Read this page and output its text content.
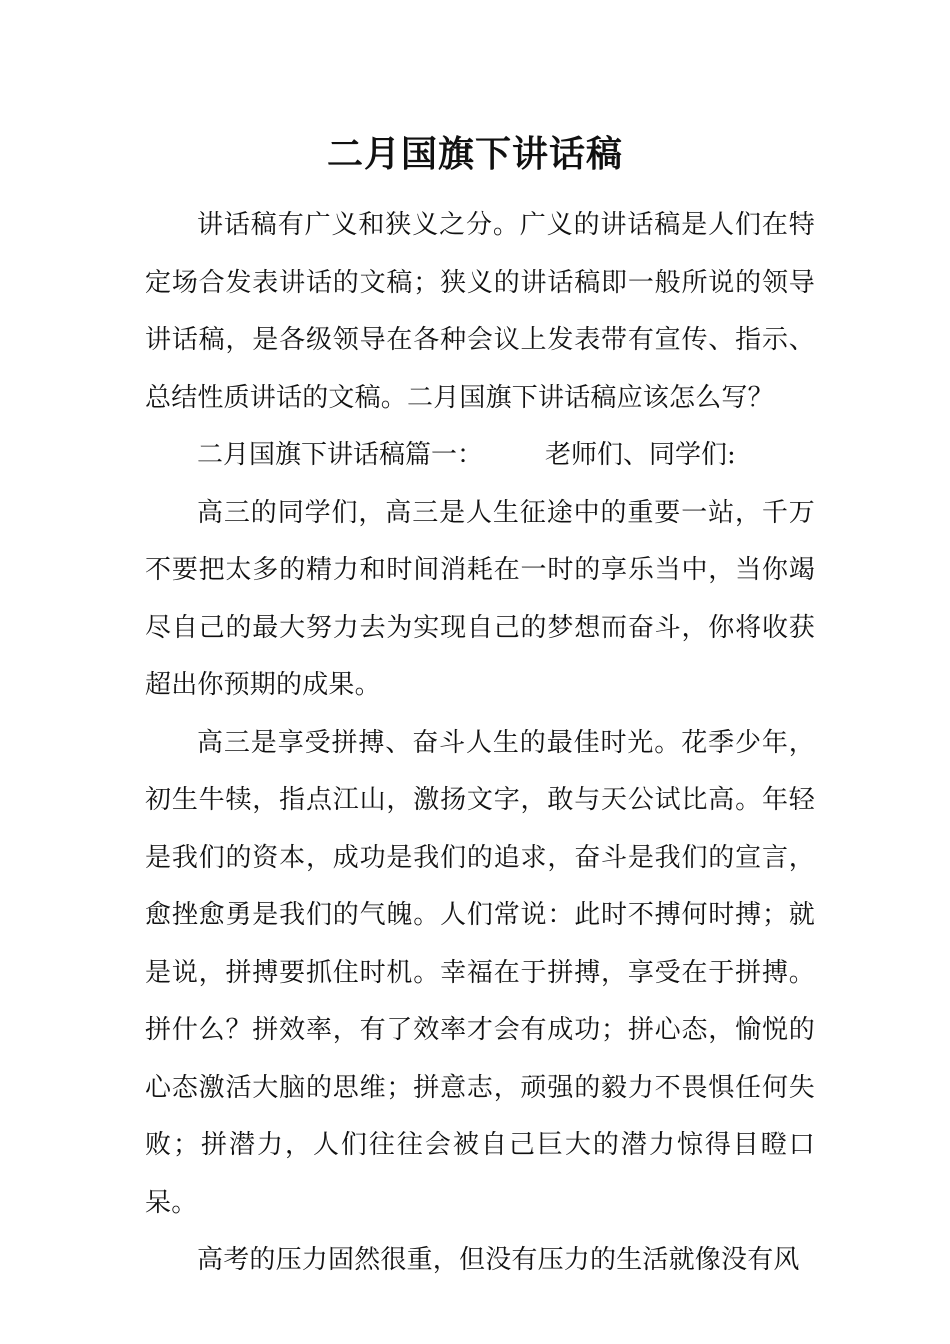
二月国旗下讲话稿

讲话稿有广义和狭义之分。广义的讲话稿是人们在特定场合发表讲话的文稿；狭义的讲话稿即一般所说的领导讲话稿，是各级领导在各种会议上发表带有宣传、指示、总结性质讲话的文稿。二月国旗下讲话稿应该怎么写？

二月国旗下讲话稿篇一： 老师们、同学们:

高三的同学们，高三是人生征途中的重要一站，千万不要把太多的精力和时间消耗在一时的享乐当中，当你竭尽自己的最大努力去为实现自己的梦想而奋斗，你将收获超出你预期的成果。

高三是享受拼搏、奋斗人生的最佳时光。花季少年，初生牛犊，指点江山，激扬文字，敢与天公试比高。年轻是我们的资本，成功是我们的追求，奋斗是我们的宣言，愈挫愈勇是我们的气魄。人们常说：此时不搏何时搏；就是说，拼搏要抓住时机。幸福在于拼搏，享受在于拼搏。拼什么？拼效率，有了效率才会有成功；拼心态，愉悦的心态激活大脑的思维；拼意志，顽强的毅力不畏惧任何失败；拼潜力，人们往往会被自己巨大的潜力惊得目瞪口呆。

高考的压力固然很重，但没有压力的生活就像没有风
